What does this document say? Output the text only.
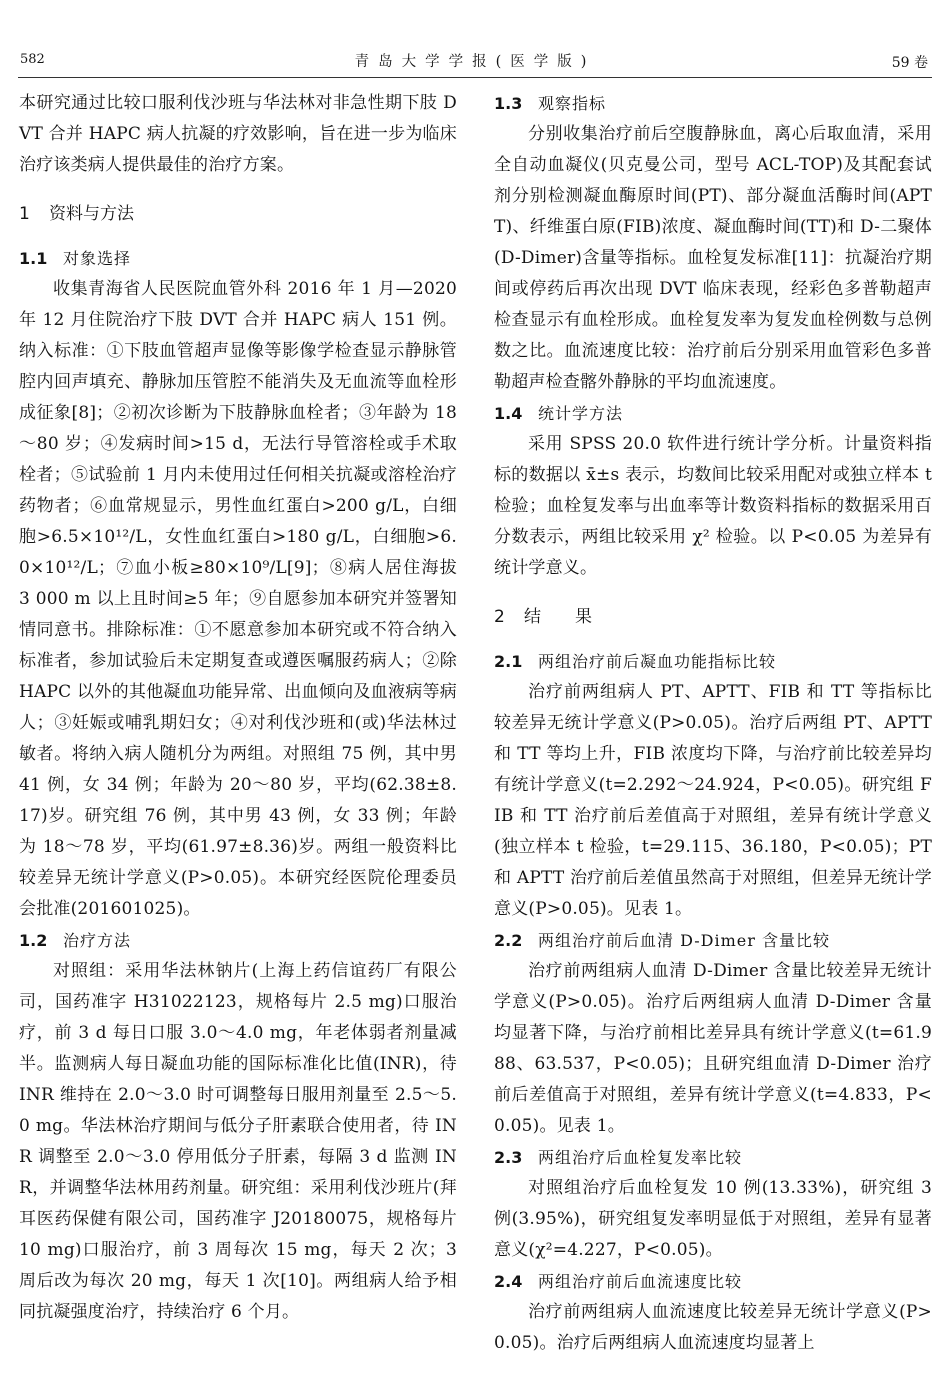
582	青岛大学学报(医学版)	59 卷

本研究通过比较口服利伐沙班与华法林对非急性期下肢 DVT 合并 HAPC 病人抗凝的疗效影响，旨在进一步为临床治疗该类病人提供最佳的治疗方案。

1 资料与方法
1.1 对象选择

收集青海省人民医院血管外科 2016 年 1 月—2020 年 12 月住院治疗下肢 DVT 合并 HAPC 病人 151 例。纳入标准：①下肢血管超声显像等影像学检查显示静脉管腔内回声填充、静脉加压管腔不能消失及无血流等血栓形成征象[8]；②初次诊断为下肢静脉血栓者；③年龄为 18～80 岁；④发病时间>15 d，无法行导管溶栓或手术取栓者；⑤试验前 1 月内未使用过任何相关抗凝或溶栓治疗药物者；⑥血常规显示，男性血红蛋白>200 g/L，白细胞>6.5×10¹²/L，女性血红蛋白>180 g/L，白细胞>6.0×10¹²/L；⑦血小板≥80×10⁹/L[9]；⑧病人居住海拔 3 000 m 以上且时间≥5 年；⑨自愿参加本研究并签署知情同意书。排除标准：①不愿意参加本研究或不符合纳入标准者，参加试验后未定期复查或遵医嘱服药病人；②除 HAPC 以外的其他凝血功能异常、出血倾向及血液病等病人；③妊娠或哺乳期妇女；④对利伐沙班和(或)华法林过敏者。将纳入病人随机分为两组。对照组 75 例，其中男 41 例，女 34 例；年龄为 20～80 岁，平均(62.38±8.17)岁。研究组 76 例，其中男 43 例，女 33 例；年龄为 18～78 岁，平均(61.97±8.36)岁。两组一般资料比较差异无统计学意义(P>0.05)。本研究经医院伦理委员会批准(201601025)。

1.2 治疗方法

对照组：采用华法林钠片(上海上药信谊药厂有限公司，国药准字 H31022123，规格每片 2.5 mg)口服治疗，前 3 d 每日口服 3.0～4.0 mg，年老体弱者剂量减半。监测病人每日凝血功能的国际标准化比值(INR)，待 INR 维持在 2.0～3.0 时可调整每日服用剂量至 2.5～5.0 mg。华法林治疗期间与低分子肝素联合使用者，待 INR 调整至 2.0～3.0 停用低分子肝素，每隔 3 d 监测 INR，并调整华法林用药剂量。研究组：采用利伐沙班片(拜耳医药保健有限公司，国药准字 J20180075，规格每片 10 mg)口服治疗，前 3 周每次 15 mg，每天 2 次；3 周后改为每次 20 mg，每天 1 次[10]。两组病人给予相同抗凝强度治疗，持续治疗 6 个月。

1.3 观察指标

分别收集治疗前后空腹静脉血，离心后取血清，采用全自动血凝仪(贝克曼公司，型号 ACL-TOP)及其配套试剂分别检测凝血酶原时间(PT)、部分凝血活酶时间(APTT)、纤维蛋白原(FIB)浓度、凝血酶时间(TT)和 D-二聚体(D-Dimer)含量等指标。血栓复发标准[11]：抗凝治疗期间或停药后再次出现 DVT 临床表现，经彩色多普勒超声检查显示有血栓形成。血栓复发率为复发血栓例数与总例数之比。血流速度比较：治疗前后分别采用血管彩色多普勒超声检查髂外静脉的平均血流速度。

1.4 统计学方法

采用 SPSS 20.0 软件进行统计学分析。计量资料指标的数据以 x̄±s 表示，均数间比较采用配对或独立样本 t 检验；血栓复发率与出血率等计数资料指标的数据采用百分数表示，两组比较采用 χ² 检验。以 P<0.05 为差异有统计学意义。

2 结　　果
2.1 两组治疗前后凝血功能指标比较

治疗前两组病人 PT、APTT、FIB 和 TT 等指标比较差异无统计学意义(P>0.05)。治疗后两组 PT、APTT 和 TT 等均上升，FIB 浓度均下降，与治疗前比较差异均有统计学意义(t=2.292～24.924，P<0.05)。研究组 FIB 和 TT 治疗前后差值高于对照组，差异有统计学意义(独立样本 t 检验，t=29.115、36.180，P<0.05)；PT 和 APTT 治疗前后差值虽然高于对照组，但差异无统计学意义(P>0.05)。见表 1。

2.2 两组治疗前后血清 D-Dimer 含量比较

治疗前两组病人血清 D-Dimer 含量比较差异无统计学意义(P>0.05)。治疗后两组病人血清 D-Dimer 含量均显著下降，与治疗前相比差异具有统计学意义(t=61.988、63.537，P<0.05)；且研究组血清 D-Dimer 治疗前后差值高于对照组，差异有统计学意义(t=4.833，P<0.05)。见表 1。

2.3 两组治疗后血栓复发率比较

对照组治疗后血栓复发 10 例(13.33%)，研究组 3 例(3.95%)，研究组复发率明显低于对照组，差异有显著意义(χ²=4.227，P<0.05)。

2.4 两组治疗前后血流速度比较

治疗前两组病人血流速度比较差异无统计学意义(P>0.05)。治疗后两组病人血流速度均显著上
